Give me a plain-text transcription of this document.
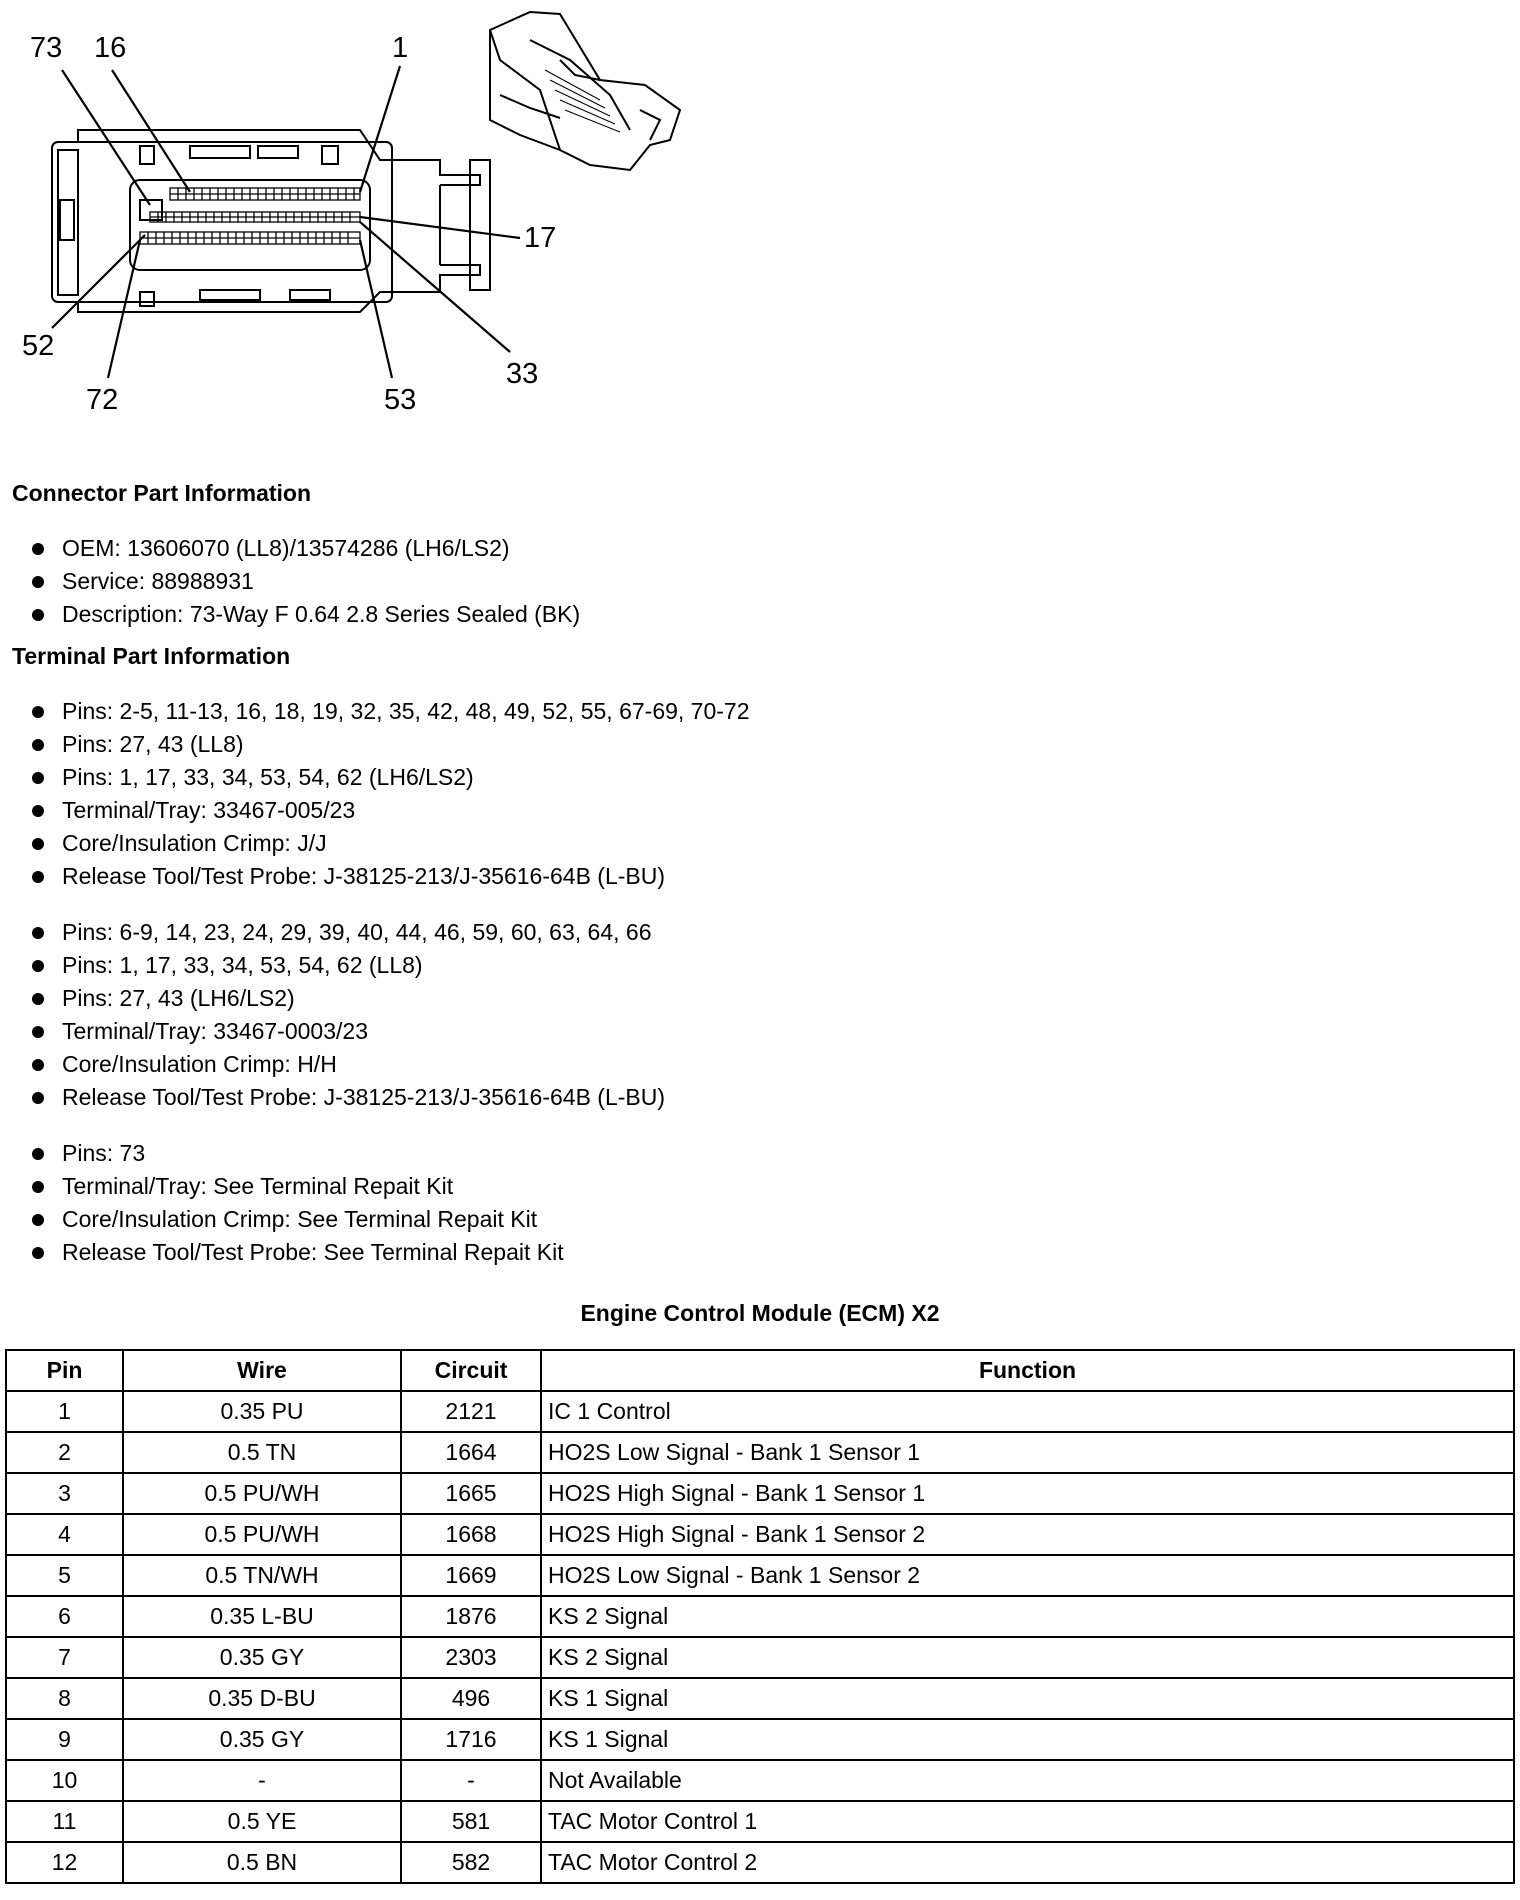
73 16	1
17
52
72	53
33
Connector Part Information
OEM: 13606070 (LL8)/13574286 (LH6/LS2)
Service: 88988931
Description: 73-Way F 0.64 2.8 Series Sealed (BK)
Terminal Part Information
Pins: 2-5, 11-13, 16, 18, 19, 32, 35, 42, 48, 49, 52, 55, 67-69, 70-72
Pins: 27, 43 (LL8)
Pins: 1, 17, 33, 34, 53, 54, 62 (LH6/LS2)
Terminal/Tray: 33467-005/23
Core/Insulation Crimp: J/J
Release Tool/Test Probe: J-38125-213/J-35616-64B (L-BU)
Pins: 6-9, 14, 23, 24, 29, 39, 40, 44, 46, 59, 60, 63, 64, 66
Pins: 1, 17, 33, 34, 53, 54, 62 (LL8)
Pins: 27, 43 (LH6/LS2)
Terminal/Tray: 33467-0003/23
Core/Insulation Crimp: H/H
Release Tool/Test Probe: J-38125-213/J-35616-64B (L-BU)
Pins: 73
Terminal/Tray: See Terminal Repait Kit
Core/Insulation Crimp: See Terminal Repait Kit
Release Tool/Test Probe: See Terminal Repait Kit
Engine Control Module (ECM) X2
Pin	Wire	Circuit	Function
1	0.35 PU	2121	IC 1 Control
2	0.5 TN	1664	HO2S Low Signal - Bank 1 Sensor 1
3	0.5 PU/WH	1665	HO2S High Signal - Bank 1 Sensor 1
4	0.5 PU/WH	1668	HO2S High Signal - Bank 1 Sensor 2
5	0.5 TN/WH	1669	HO2S Low Signal - Bank 1 Sensor 2
6	0.35 L-BU	1876	KS 2 Signal
7	0.35 GY	2303	KS 2 Signal
8	0.35 D-BU	496	KS 1 Signal
9	0.35 GY	1716	KS 1 Signal
10	-	-	Not Available
11	0.5 YE	581	TAC Motor Control 1
12	0.5 BN	582	TAC Motor Control 2
